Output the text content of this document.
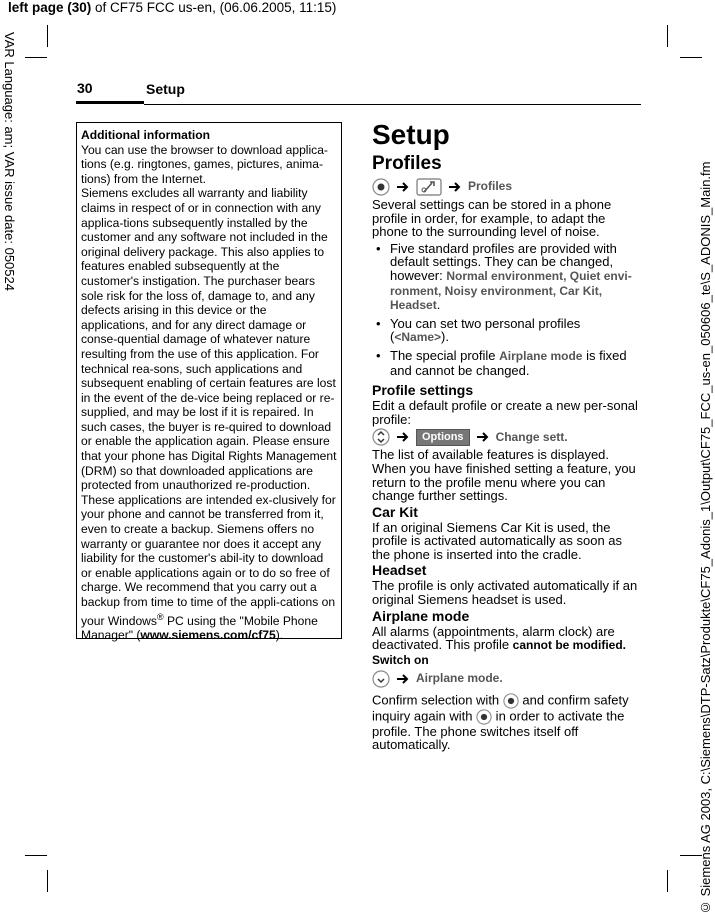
left page (30) of CF75 FCC us-en, (06.06.2005, 11:15)
VAR Language: am; VAR issue date: 050524
© Siemens AG 2003, C:\Siemens\DTP-Satz\Produkte\CF75_Adonis_1\Output\CF75_FCC_us-en_050606_te\S_ADONIS_Main.fm
30	Setup

Additional information

You can use the browser to download applica-tions (e.g. ringtones, games, pictures, anima-tions) from the Internet.

Siemens excludes all warranty and liability claims in respect of or in connection with any applica-tions subsequently installed by the customer and any software not included in the original delivery package. This also applies to features enabled subsequently at the customer's instigation. The purchaser bears sole risk for the loss of, damage to, and any defects arising in this device or the applications, and for any direct damage or conse-quential damage of whatever nature resulting from the use of this application. For technical rea-sons, such applications and subsequent enabling of certain features are lost in the event of the de-vice being replaced or re-supplied, and may be lost if it is repaired. In such cases, the buyer is re-quired to download or enable the application again. Please ensure that your phone has Digital Rights Management (DRM) so that downloaded applications are protected from unauthorized re-production. These applications are intended ex-clusively for your phone and cannot be transferred from it, even to create a backup. Siemens offers no warranty or guarantee nor does it accept any liability for the customer's abil-ity to download or enable applications again or to do so free of charge. We recommend that you carry out a backup from time to time of the appli-cations on your Windows® PC using the "Mobile Phone Manager" (www.siemens.com/cf75).

Setup

Profiles

Profiles

Several settings can be stored in a phone profile in order, for example, to adapt the phone to the surrounding level of noise.

• Five standard profiles are provided with default settings. They can be changed, however: Normal environment, Quiet envi-ronment, Noisy environment, Car Kit, Headset.
• You can set two personal profiles (<Name>).
• The special profile Airplane mode is fixed and cannot be changed.

Profile settings

Edit a default profile or create a new per-sonal profile:

Options	Change sett.

The list of available features is displayed. When you have finished setting a feature, you return to the profile menu where you can change further settings.

Car Kit

If an original Siemens Car Kit is used, the profile is activated automatically as soon as the phone is inserted into the cradle.

Headset

The profile is only activated automatically if an original Siemens headset is used.

Airplane mode

All alarms (appointments, alarm clock) are deactivated. This profile cannot be modified.

Switch on

Airplane mode.

Confirm selection with
and confirm safety inquiry again with
in order to activate the profile. The phone switches itself off automatically.
